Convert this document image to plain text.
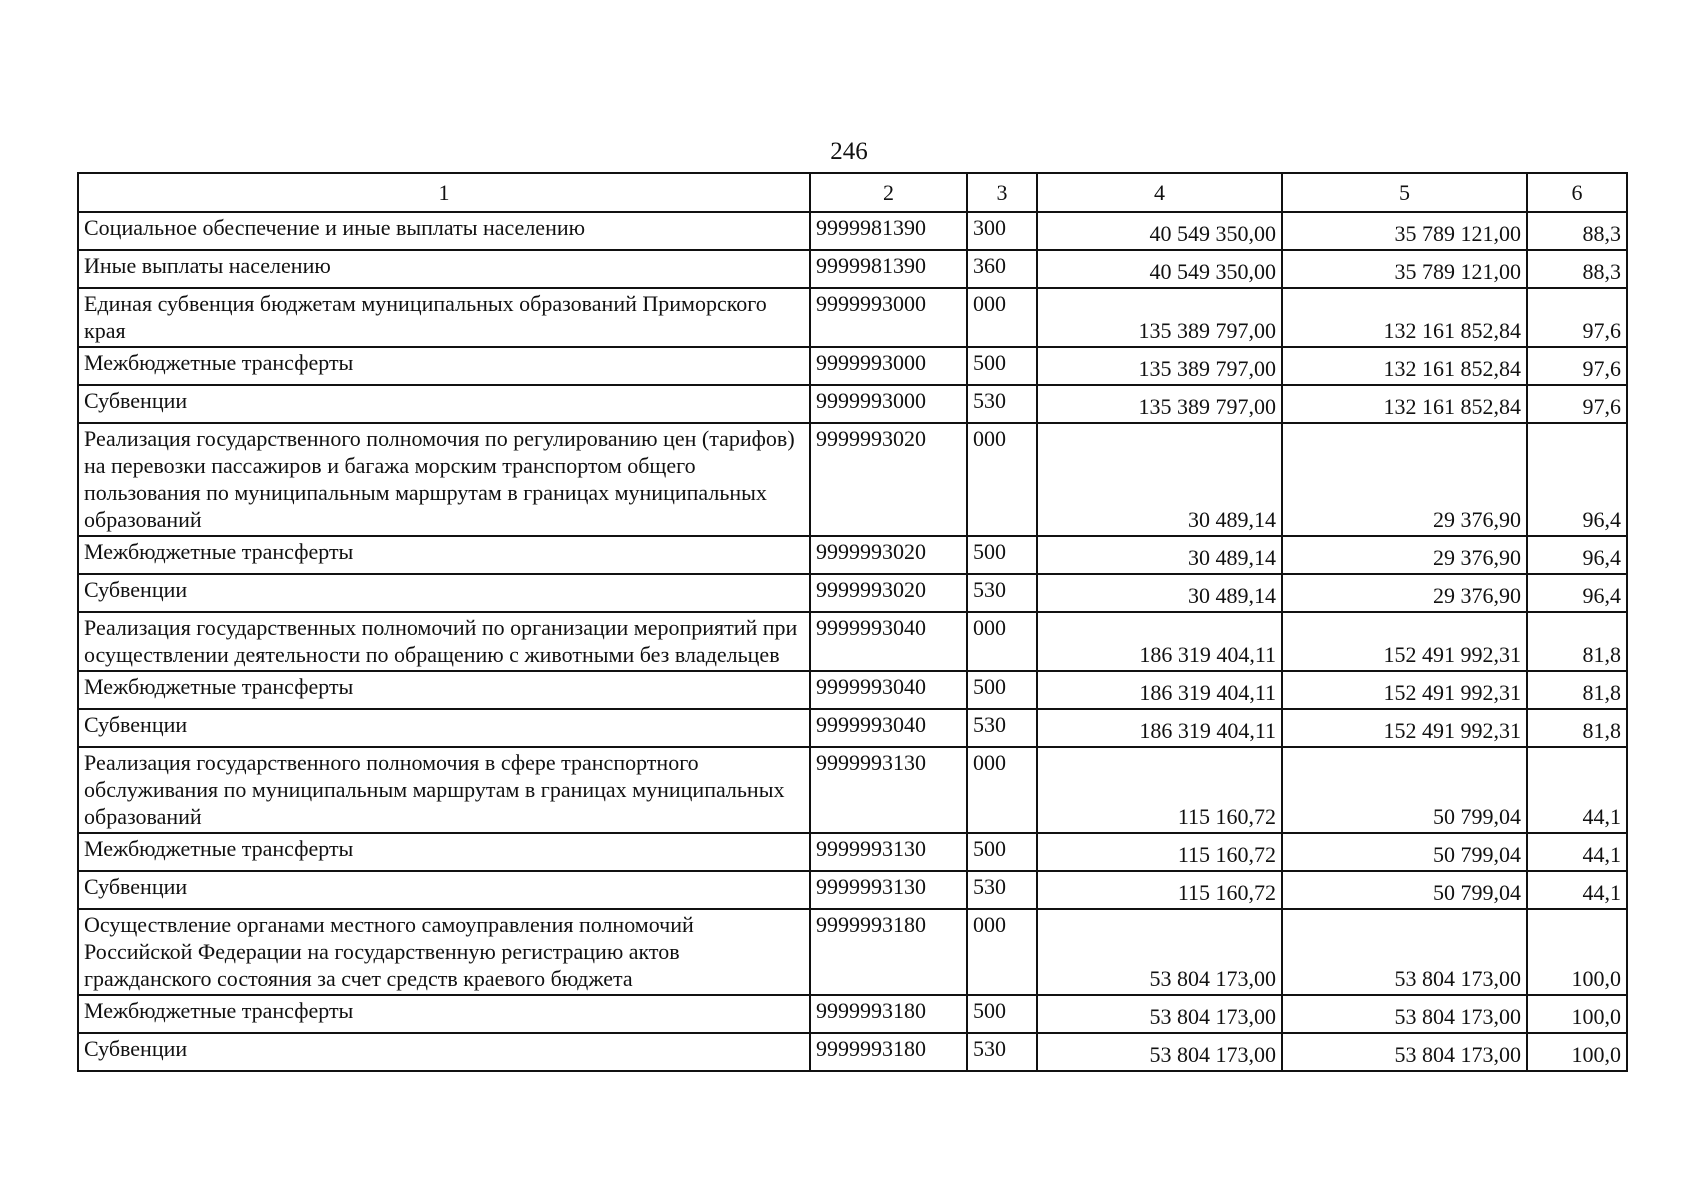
246
1	2	3	4	5	6
Социальное обеспечение и иные выплаты населению	9999981390	300	40 549 350,00	35 789 121,00	88,3
Иные выплаты населению	9999981390	360	40 549 350,00	35 789 121,00	88,3
Единая субвенция бюджетам муниципальных образований Приморского края	9999993000	000	135 389 797,00	132 161 852,84	97,6
Межбюджетные трансферты	9999993000	500	135 389 797,00	132 161 852,84	97,6
Субвенции	9999993000	530	135 389 797,00	132 161 852,84	97,6
Реализация государственного полномочия по регулированию цен (тарифов) на перевозки пассажиров и багажа морским транспортом общего пользования по муниципальным маршрутам в границах муниципальных образований	9999993020	000	30 489,14	29 376,90	96,4
Межбюджетные трансферты	9999993020	500	30 489,14	29 376,90	96,4
Субвенции	9999993020	530	30 489,14	29 376,90	96,4
Реализация государственных полномочий по организации мероприятий при осуществлении деятельности по обращению с животными без владельцев	9999993040	000	186 319 404,11	152 491 992,31	81,8
Межбюджетные трансферты	9999993040	500	186 319 404,11	152 491 992,31	81,8
Субвенции	9999993040	530	186 319 404,11	152 491 992,31	81,8
Реализация государственного полномочия в сфере транспортного обслуживания по муниципальным маршрутам в границах муниципальных образований	9999993130	000	115 160,72	50 799,04	44,1
Межбюджетные трансферты	9999993130	500	115 160,72	50 799,04	44,1
Субвенции	9999993130	530	115 160,72	50 799,04	44,1
Осуществление органами местного самоуправления полномочий Российской Федерации на государственную регистрацию актов гражданского состояния за счет средств краевого бюджета	9999993180	000	53 804 173,00	53 804 173,00	100,0
Межбюджетные трансферты	9999993180	500	53 804 173,00	53 804 173,00	100,0
Субвенции	9999993180	530	53 804 173,00	53 804 173,00	100,0
